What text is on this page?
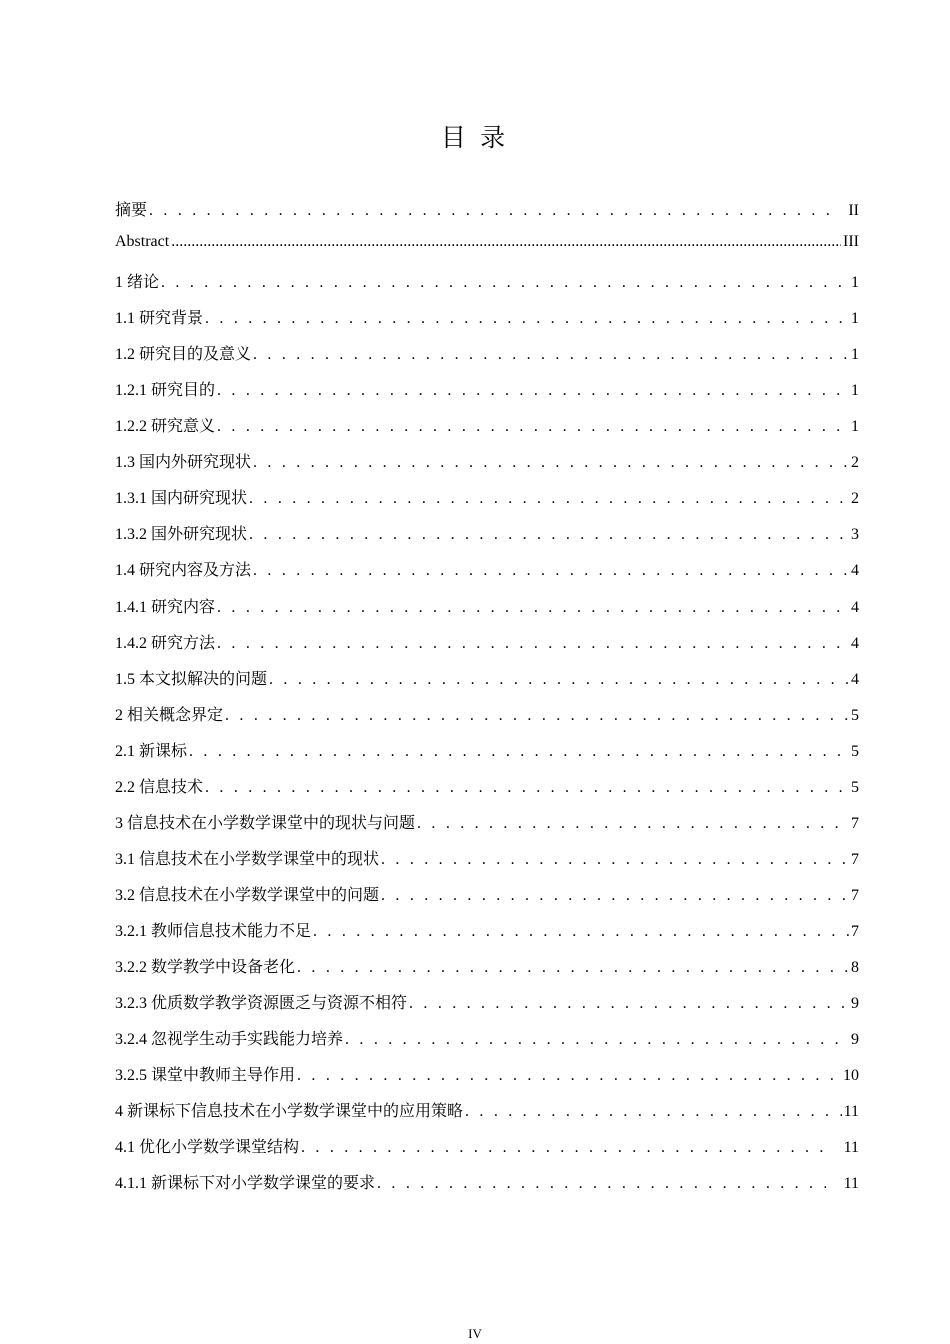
目 录
摘要 . . .	II
Abstract .....	III
1 绪论 . . .	1
1.1 研究背景 . . .	1
1.2 研究目的及意义 . . .	1
1.2.1 研究目的 . . .	1
1.2.2 研究意义 . . .	1
1.3 国内外研究现状 . . .	2
1.3.1 国内研究现状 . . .	2
1.3.2 国外研究现状 . . .	3
1.4 研究内容及方法 . . .	4
1.4.1 研究内容 . . .	4
1.4.2 研究方法 . . .	4
1.5 本文拟解决的问题 . . .	4
2 相关概念界定 . . .	5
2.1 新课标 . . .	5
2.2 信息技术 . . .	5
3 信息技术在小学数学课堂中的现状与问题 . . .	7
3.1 信息技术在小学数学课堂中的现状 . . .	7
3.2 信息技术在小学数学课堂中的问题 . . .	7
3.2.1 教师信息技术能力不足 . . .	7
3.2.2 数学教学中设备老化 . . .	8
3.2.3 优质数学教学资源匮乏与资源不相符 . . .	9
3.2.4 忽视学生动手实践能力培养 . . .	9
3.2.5 课堂中教师主导作用 . . .	10
4 新课标下信息技术在小学数学课堂中的应用策略 . . .	11
4.1 优化小学数学课堂结构 . . .	11
4.1.1 新课标下对小学数学课堂的要求 . . .	11
IV
